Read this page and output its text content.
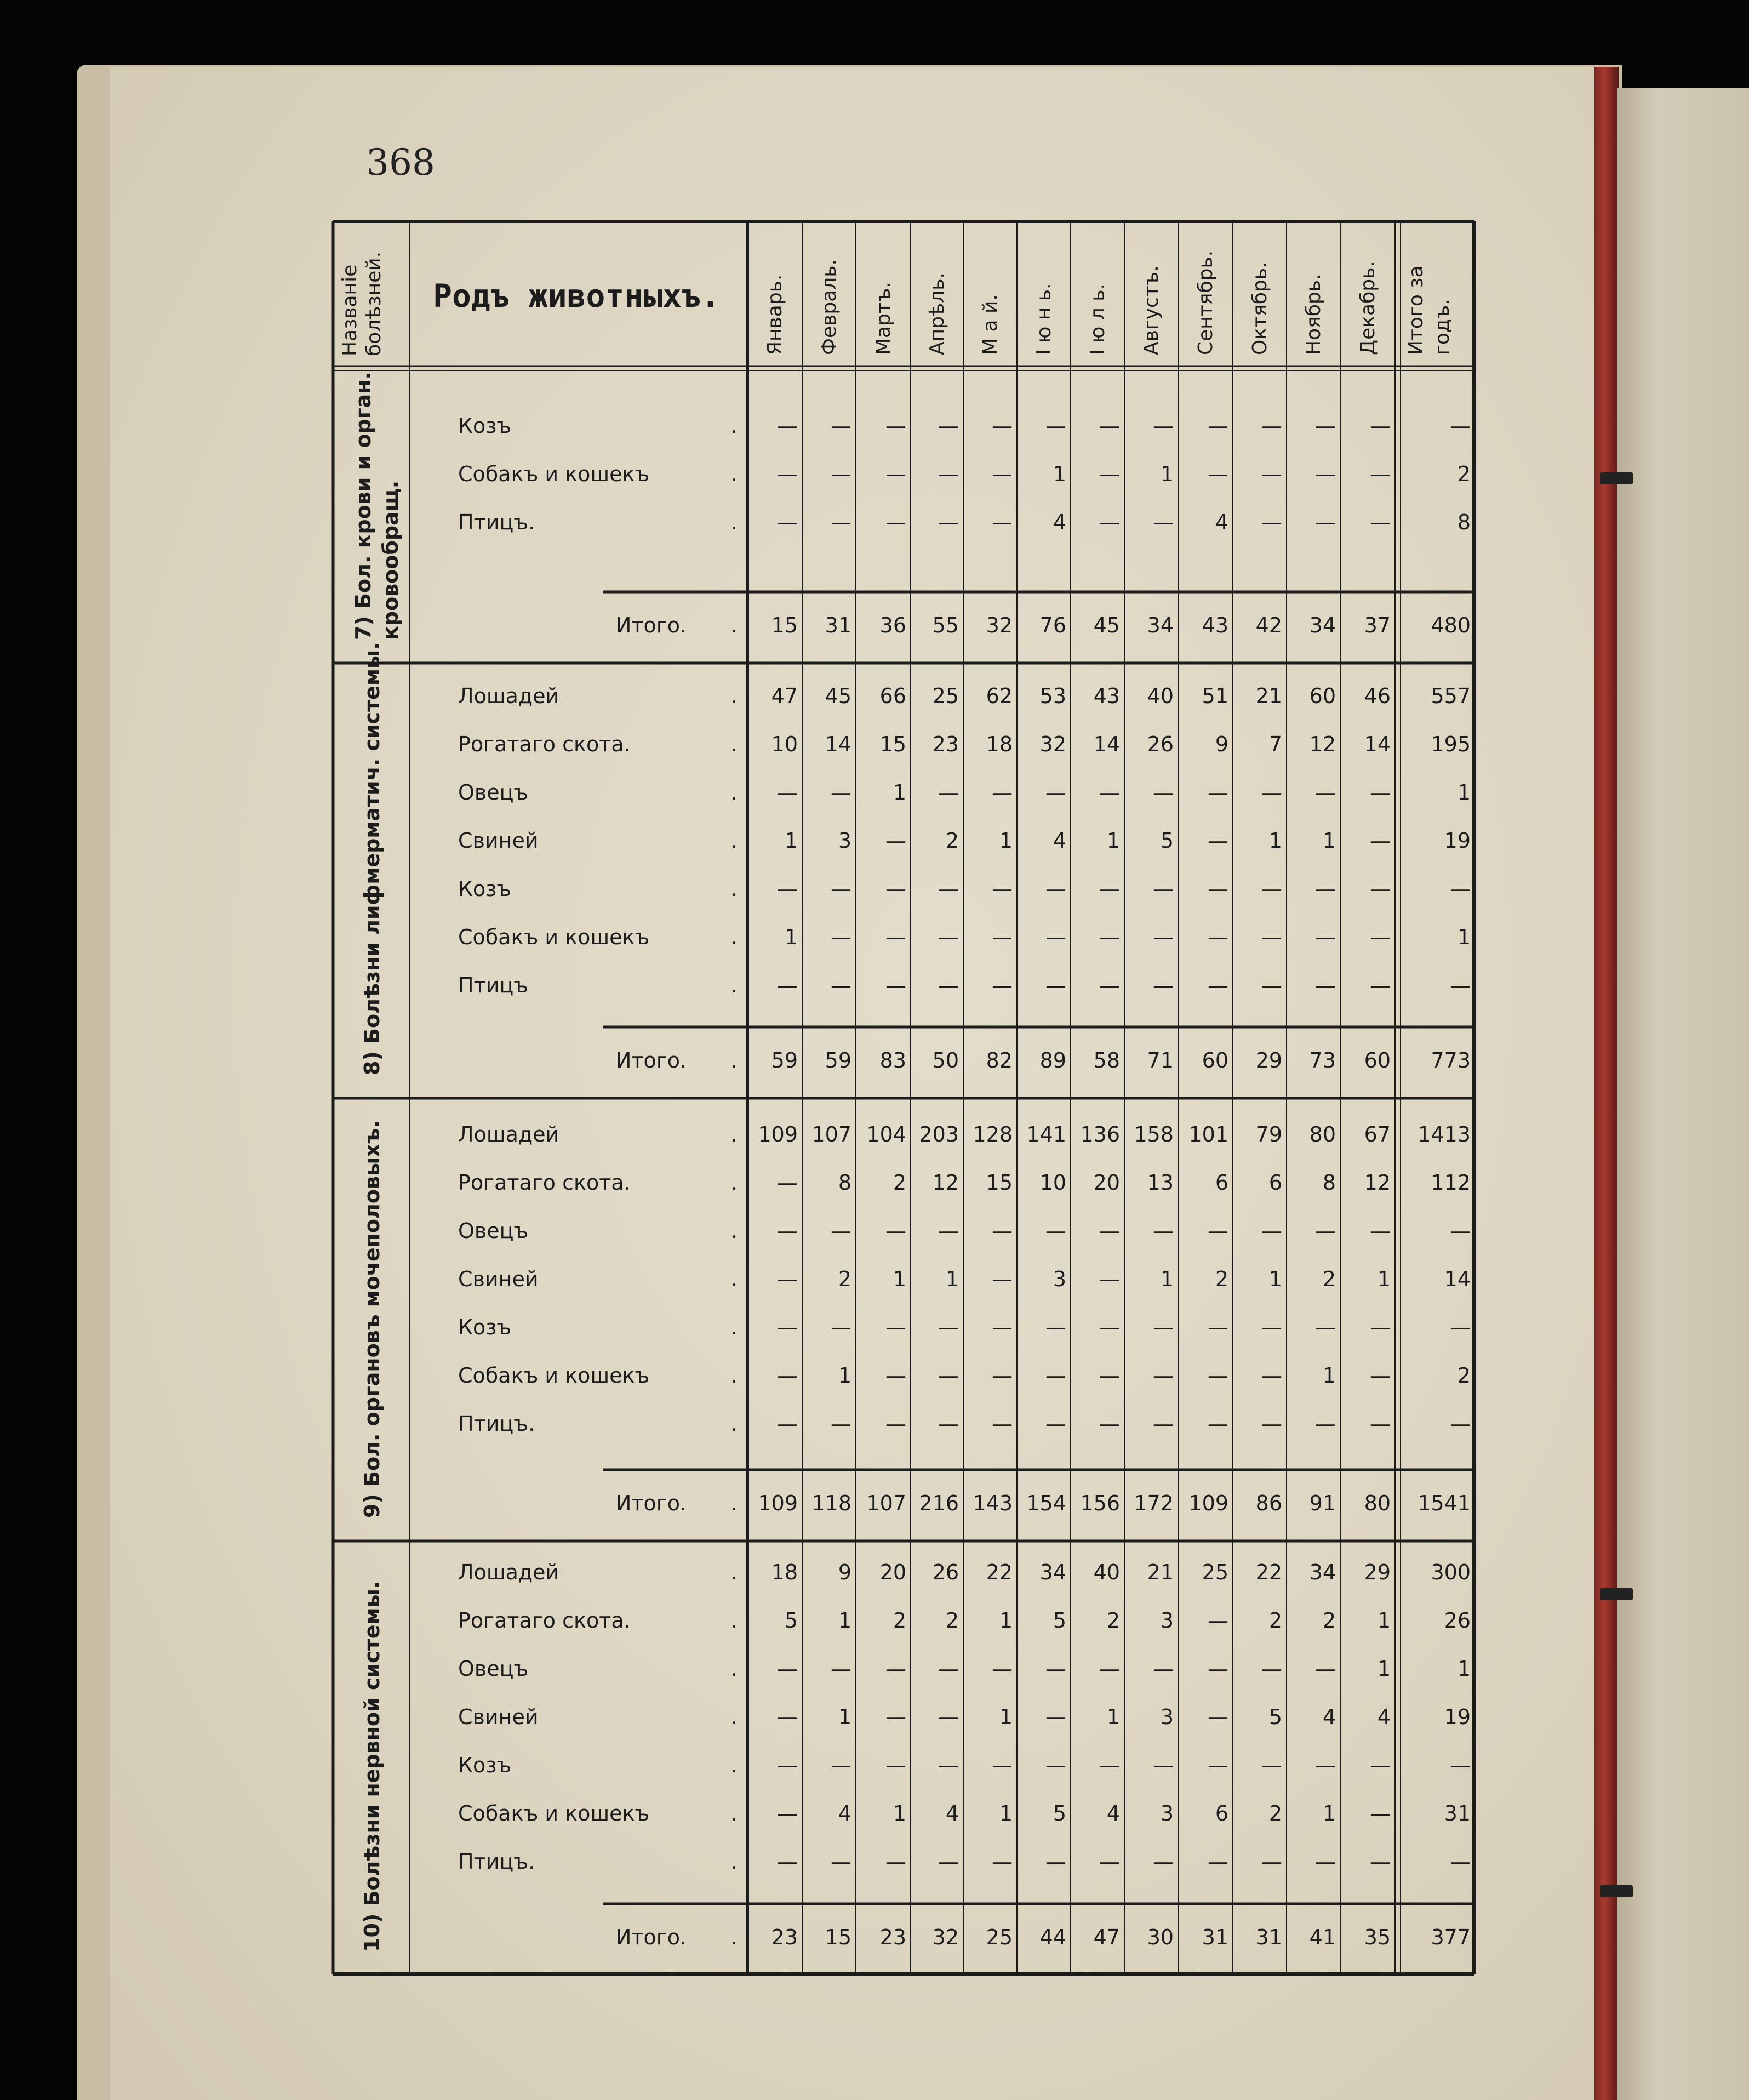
368
Названіе болѣзней. Родъ животныхъ. Январь. Февраль. Мартъ. Апрѣль. М а й. І ю н ь. І ю л ь. Августъ. Сентябрь. Октябрь. Ноябрь. Декабрь. Итого за годъ.
7) Бол. крови и орган. кровообращ.
Козъ	. — — — — — — — — — — — —	—
Собакъ и кошекъ	. — — — — — 1 — 1 — — — —	2
Птицъ.	. — — — — — 4 — — 4 — — —	8
Итого. . 15 31 36 55 32 76 45 34 43 42 34 37 480
8) Болѣзни лифмерматич. системы.	Лошадей	. 47 45 66 25 62 53 43 40 51 21 60 46 557
Рогатаго скота.	. 10 14 15 23 18 32 14 26 9 7 12 14 195
Овецъ	. — — 1 — — — — — — — — —	1
Свиней	. 1 3 — 2 1 4 1 5 — 1 1 —	19
Козъ	. — — — — — — — — — — — —	—
Собакъ и кошекъ	. 1 — — — — — — — — — — —	1
Птицъ	. — — — — — — — — — — — —	—
Итого. . 59 59 83 50 82 89 58 71 60 29 73 60 773
9) Бол. органовъ мочеполовыхъ.	Лошадей	. 109 107 104 203 128 141 136 158 101 79 80 67 1413
Рогатаго скота.	. — 8 2 12 15 10 20 13 6 6 8 12 112
Овецъ	. — — — — — — — — — — — —	—
Свиней	. — 2 1 1 — 3 — 1 2 1 2 1	14
Козъ	. — — — — — — — — — — — —	—
Собакъ и кошекъ	. — 1 — — — — — — — — 1 —	2
Птицъ.	. — — — — — — — — — — — —	—
Итого. . 109 118 107 216 143 154 156 172 109 86 91 80 1541
10) Болѣзни нервной системы.
Лошадей	. 18 9 20 26 22 34 40 21 25 22 34 29 300
Рогатаго скота.	. 5 1 2 2 1 5 2 3 — 2 2 1	26
Овецъ	. — — — — — — — — — — — 1	1
Свиней	. — 1 — — 1 — 1 3 — 5 4 4	19
Козъ	. — — — — — — — — — — — —	—
Собакъ и кошекъ	. — 4 1 4 1 5 4 3 6 2 1 —	31
Птицъ.	. — — — — — — — — — — — —	—
Итого. . 23 15 23 32 25 44 47 30 31 31 41 35 377
